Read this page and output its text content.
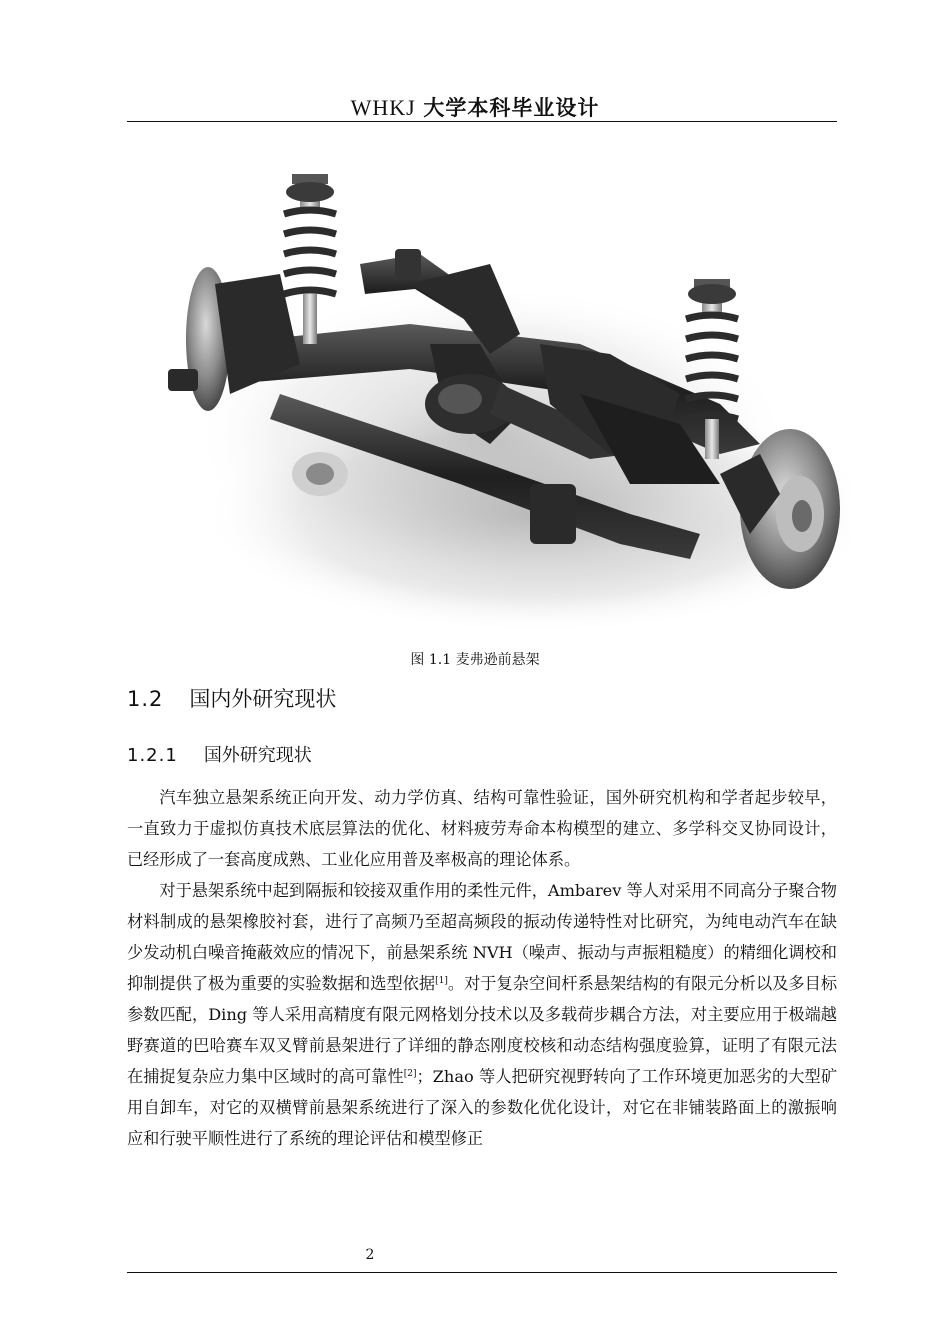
WHKJ 大学本科毕业设计
图 1.1 麦弗逊前悬架
1.2 国内外研究现状
1.2.1 国外研究现状

汽车独立悬架系统正向开发、动力学仿真、结构可靠性验证，国外研究机构和学者起步较早，一直致力于虚拟仿真技术底层算法的优化、材料疲劳寿命本构模型的建立、多学科交叉协同设计，已经形成了一套高度成熟、工业化应用普及率极高的理论体系。

对于悬架系统中起到隔振和铰接双重作用的柔性元件，Ambarev 等人对采用不同高分子聚合物材料制成的悬架橡胶衬套，进行了高频乃至超高频段的振动传递特性对比研究，为纯电动汽车在缺少发动机白噪音掩蔽效应的情况下，前悬架系统 NVH（噪声、振动与声振粗糙度）的精细化调校和抑制提供了极为重要的实验数据和选型依据[1]。对于复杂空间杆系悬架结构的有限元分析以及多目标参数匹配，Ding 等人采用高精度有限元网格划分技术以及多载荷步耦合方法，对主要应用于极端越野赛道的巴哈赛车双叉臂前悬架进行了详细的静态刚度校核和动态结构强度验算，证明了有限元法在捕捉复杂应力集中区域时的高可靠性[2]；Zhao 等人把研究视野转向了工作环境更加恶劣的大型矿用自卸车，对它的双横臂前悬架系统进行了深入的参数化优化设计，对它在非铺装路面上的激振响应和行驶平顺性进行了系统的理论评估和模型修正

2
